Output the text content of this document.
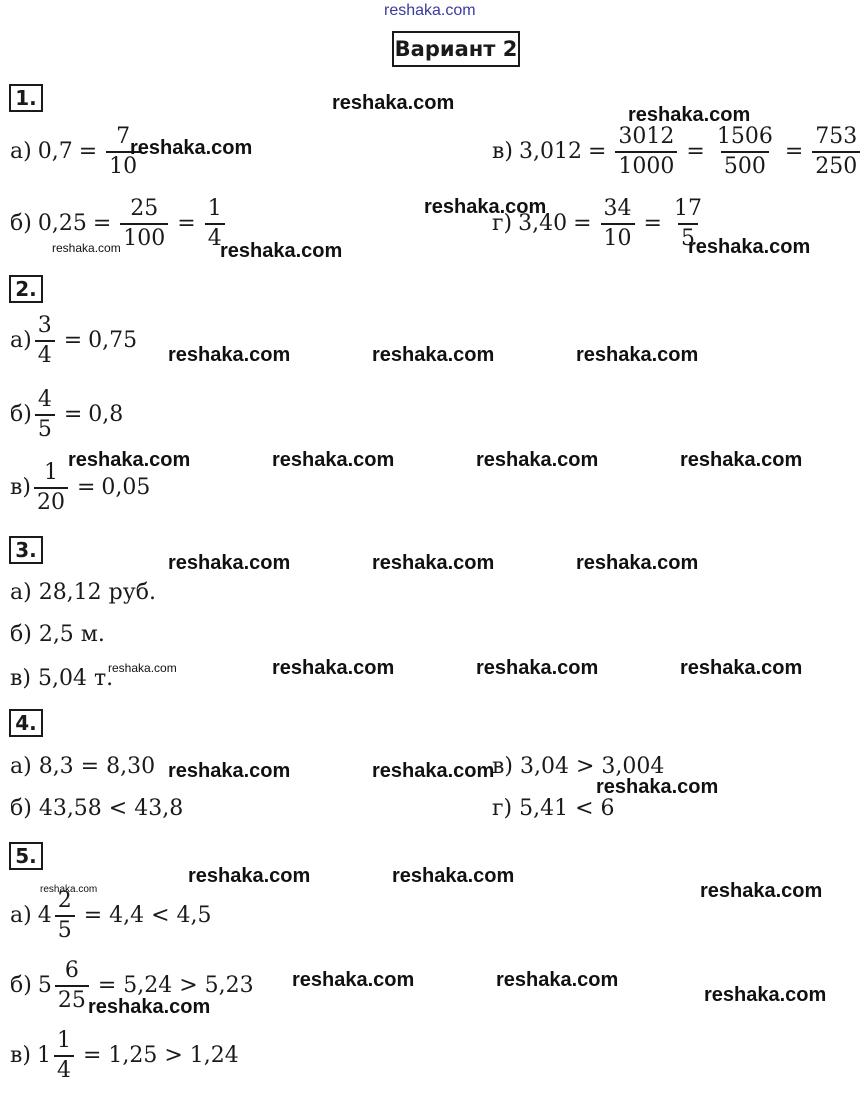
reshaka.com
Вариант 2
1.
а) $0,7 = \frac{7}{10}$	в) $3,012 = \frac{3012}{1000} = \frac{1506}{500} = \frac{753}{250}$
б) $0,25 = \frac{25}{100} = \frac{1}{4}$	г) $3,40 = \frac{34}{10} = \frac{17}{5}$
2.
$а) \frac{3}{4} = 0,75$
$б) \frac{4}{5} = 0,8$
$в) \frac{1}{20} = 0,05$
3.
а) 28,12 руб.
б) 2,5 м.
в) 5,04 т.
4.
а) 8,3 = 8,30	в) 3,04 > 3,004
б) 43,58 < 43,8	г) 5,41 < 6
5.
а) $4 \frac{2}{5} = 4,4 < 4,5$
б) $5 \frac{6}{25} = 5,24 > 5,23$
в) $1 \frac{1}{4} = 1,25 > 1,24$
reshaka.com
reshaka.com
reshaka.com
reshaka.com
reshaka.com	reshaka.com	reshaka.com
reshaka.com	reshaka.com	reshaka.com
reshaka.com	reshaka.com	reshaka.com	reshaka.com
reshaka.com	reshaka.com	reshaka.com
reshaka.com	reshaka.com	reshaka.com	reshaka.com
reshaka.com	reshaka.com
reshaka.com
reshaka.com	reshaka.com
reshaka.com
reshaka.com
reshaka.com	reshaka.com
reshaka.com
reshaka.com
